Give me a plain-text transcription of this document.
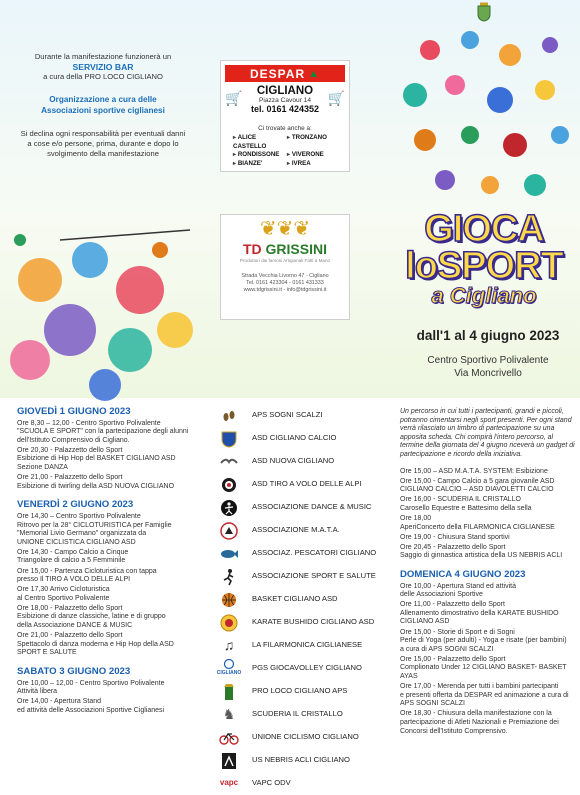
Durante la manifestazione funzionerà un
SERVIZIO BAR
a cura della PRO LOCO CIGLIANO
Organizzazione a cura delle
Associazioni sportive ciglianesi
Si declina ogni responsabilità per eventuali danni a cose e/o persone, prima, durante e dopo lo svolgimento della manifestazione
DESPAR ▲
🛒	🛒
CIGLIANO
Piazza Cavour 14
tel. 0161 424352
Ci trovate anche a:
▸ ALICE CASTELLO
▸ TRONZANO
▸ RONDISSONE	▸ VIVERONE
▸ BIANZE'	▸ IVREA
❦❦❦
TD GRISSINI
Produttori dai famosi Artigianali Fatti a Mano
Strada Vecchia Livorno 47 - Cigliano
Tel. 0161 423304 - 0161 431333
www.tdgrissini.it - info@tdgrissini.it
GIOCA
loSPORT
a Cigliano
dall'1 al 4 giugno 2023
Centro Sportivo Polivalente
Via Moncrivello
GIOVEDÌ 1 GIUGNO 2023

Ore 8,30 – 12,00 - Centro Sportivo Polivalente

"SCUOLA E SPORT" con la partecipazione degli alunni

dell'Istituto Comprensivo di Cigliano.

Ore 20,30 - Palazzetto dello Sport

Esibizione di Hip Hop del BASKET CIGLIANO ASD

Sezione DANZA

Ore 21,00 - Palazzetto dello Sport

Esibizione di twirling della ASD NUOVA CIGLIANO

VENERDÌ 2 GIUGNO 2023

Ore 14,30 – Centro Sportivo Polivalente

Ritrovo per la 28° CICLOTURISTICA per Famiglie

"Memorial Livio Germano" organizzata da

UNIONE CICLISTICA CIGLIANO ASD

Ore 14,30 - Campo Calcio a Cinque

Triangolare di calcio a 5 Femminile

Ore 15,00 - Partenza Cicloturistica con tappa

presso Il TIRO A VOLO DELLE ALPI

Ore 17,30 Arrivo Cicloturistica

al Centro Sportivo Polivalente

Ore 18,00 - Palazzetto dello Sport

Esibizione di danze classiche, latine e di gruppo

della Associazione DANCE & MUSIC

Ore 21,00 - Palazzetto dello Sport

Spettacolo di danza moderna e Hip Hop della ASD

SPORT E SALUTE

SABATO 3 GIUGNO 2023

Ore 10,00 – 12,00 - Centro Sportivo Polivalente

Attività libera

Ore 14,00 - Apertura Stand

ed attività delle Associazioni Sportive Ciglianesi

APS SOGNI SCALZI
ASD CIGLIANO CALCIO
ASD NUOVA CIGLIANO
ASD TIRO A VOLO DELLE ALPI
ASSOCIAZIONE DANCE & MUSIC
ASSOCIAZIONE M.A.T.A.
ASSOCIAZ. PESCATORI CIGLIANO
ASSOCIAZIONE SPORT E SALUTE
BASKET CIGLIANO ASD
KARATE BUSHIDO CIGLIANO ASD
♫	LA FILARMONICA CIGLIANESE
CIGLIANO
PGS GIOCAVOLLEY CIGLIANO
PRO LOCO CIGLIANO APS
♞	SCUDERIA IL CRISTALLO
UNIONE CICLISMO CIGLIANO
US NEBRIS ACLI CIGLIANO
vapc VAPC ODV
Un percorso in cui tutti i partecipanti, grandi e piccoli, potranno cimentarsi negli sport presenti. Per ogni stand verrà rilasciato un timbro di partecipazione su una apposita scheda. Chi compirà l'intero percorso, al termine della giornata del 4 giugno riceverà un gadget di partecipazione e ricordo della iniziativa.

Ore 15,00 – ASD M.A.T.A. SYSTEM: Esibizione

Ore 15,00 - Campo Calcio a 5 gara giovanile ASD

CIGLIANO CALCIO – ASD DIAVOLETTI CALCIO

Ore 16,00 - SCUDERIA IL CRISTALLO

Carosello Equestre e Battesimo della sella

Ore 18,00

AperiConcerto della FILARMONICA CIGLIANESE

Ore 19,00 - Chiusura Stand sportivi

Ore 20,45 - Palazzetto dello Sport

Saggio di ginnastica artistica della US NEBRIS ACLI

DOMENICA 4 GIUGNO 2023

Ore 10,00 - Apertura Stand ed attività

delle Associazioni Sportive

Ore 11,00 - Palazzetto dello Sport

Allenamento dimostrativo della KARATE BUSHIDO

CIGLIANO ASD

Ore 15,00 - Storie di Sport e di Sogni

Perle di Yoga (per adulti) - Yoga e risate (per bambini)

a cura di APS SOGNI SCALZI

Ore 15,00 - Palazzetto dello Sport

Complionato Under 12 CIGLIANO BASKET- BASKET AYAS

Ore 17,00 - Merenda per tutti i bambini partecipanti

e presenti offerta da DESPAR ed animazione a cura di

APS SOGNI SCALZI

Ore 18,30 - Chiusura della manifestazione con la

partecipazione di Atleti Nazionali e Premiazione dei

Concorsi dell'Istituto Comprensivo.
